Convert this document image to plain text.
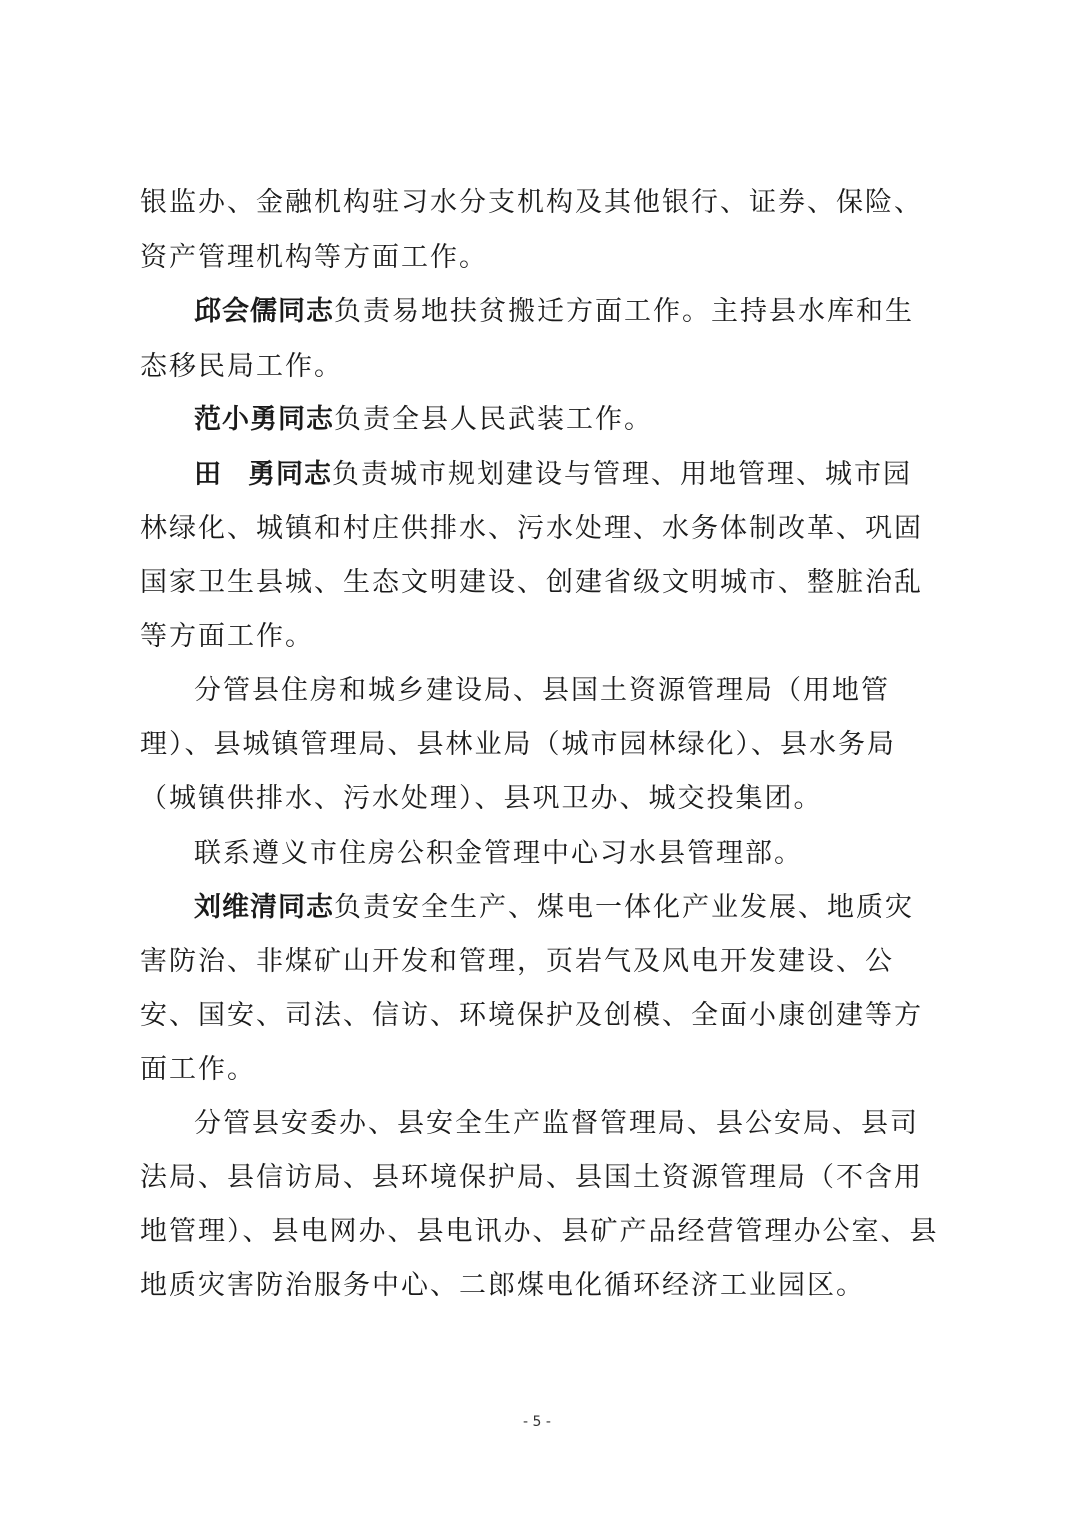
银监办、金融机构驻习水分支机构及其他银行、证券、保险、
资产管理机构等方面工作。
邱会儒同志负责易地扶贫搬迁方面工作。主持县水库和生
态移民局工作。
范小勇同志负责全县人民武装工作。
田 勇同志负责城市规划建设与管理、用地管理、城市园
林绿化、城镇和村庄供排水、污水处理、水务体制改革、巩固
国家卫生县城、生态文明建设、创建省级文明城市、整脏治乱
等方面工作。
分管县住房和城乡建设局、县国土资源管理局（用地管
理）、县城镇管理局、县林业局（城市园林绿化）、县水务局
（城镇供排水、污水处理）、县巩卫办、城交投集团。
联系遵义市住房公积金管理中心习水县管理部。
刘维清同志负责安全生产、煤电一体化产业发展、地质灾
害防治、非煤矿山开发和管理，页岩气及风电开发建设、公
安、国安、司法、信访、环境保护及创模、全面小康创建等方
面工作。
分管县安委办、县安全生产监督管理局、县公安局、县司
法局、县信访局、县环境保护局、县国土资源管理局（不含用
地管理）、县电网办、县电讯办、县矿产品经营管理办公室、县
地质灾害防治服务中心、二郎煤电化循环经济工业园区。
- 5 -
